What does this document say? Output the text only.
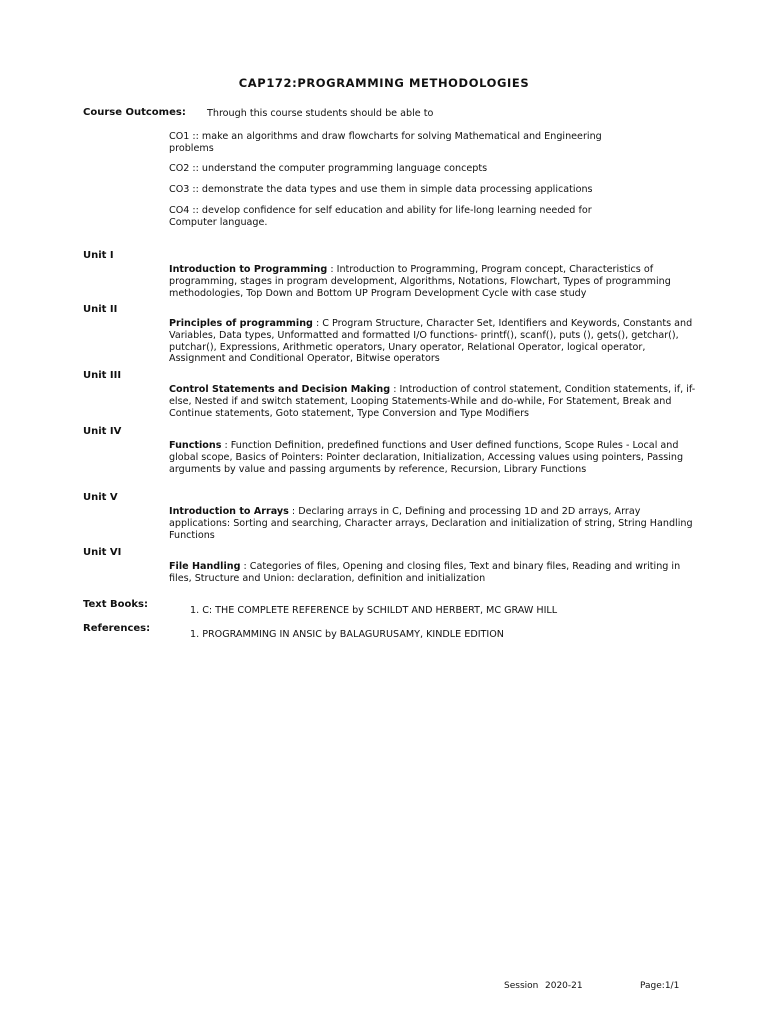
CAP172:PROGRAMMING METHODOLOGIES
Course Outcomes: Through this course students should be able to
CO1 :: make an algorithms and draw flowcharts for solving Mathematical and Engineering problems
CO2 :: understand the computer programming language concepts
CO3 :: demonstrate the data types and use them in simple data processing applications
CO4 :: develop confidence for self education and ability for life-long learning needed for Computer language.
Unit I
Introduction to Programming : Introduction to Programming, Program concept, Characteristics of programming, stages in program development, Algorithms, Notations, Flowchart, Types of programming methodologies, Top Down and Bottom UP Program Development Cycle with case study
Unit II
Principles of programming : C Program Structure, Character Set, Identifiers and Keywords, Constants and Variables, Data types, Unformatted and formatted I/O functions- printf(), scanf(), puts (), gets(), getchar(), putchar(), Expressions, Arithmetic operators, Unary operator, Relational Operator, logical operator, Assignment and Conditional Operator, Bitwise operators
Unit III
Control Statements and Decision Making : Introduction of control statement, Condition statements, if, if-else, Nested if and switch statement, Looping Statements-While and do-while, For Statement, Break and Continue statements, Goto statement, Type Conversion and Type Modifiers
Unit IV
Functions : Function Definition, predefined functions and User defined functions, Scope Rules - Local and global scope, Basics of Pointers: Pointer declaration, Initialization, Accessing values using pointers, Passing arguments by value and passing arguments by reference, Recursion, Library Functions
Unit V
Introduction to Arrays : Declaring arrays in C, Defining and processing 1D and 2D arrays, Array applications: Sorting and searching, Character arrays, Declaration and initialization of string, String Handling Functions
Unit VI
File Handling : Categories of files, Opening and closing files, Text and binary files, Reading and writing in files, Structure and Union: declaration, definition and initialization
Text Books:
1. C: THE COMPLETE REFERENCE by SCHILDT AND HERBERT, MC GRAW HILL
References:
1. PROGRAMMING IN ANSIC by BALAGURUSAMY, KINDLE EDITION
Session 2020-21	Page:1/1
